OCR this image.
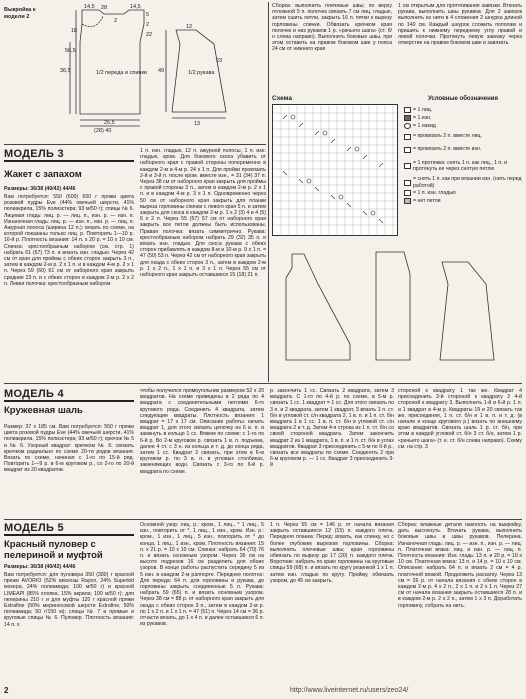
Выкройка к модели 2
28
14,5	14,5
5
2
2
22
36,5
56,5
18
1/2 переда и спинки
25,5
(28) 40
12
23
1/2 рукава
49
13
Сборка: выполнить плечевые швы; по верху отложной 5 п. полочек связать 7 см лиц. гладью, затем сшить петли, закрыть 16 п. пятки к вырезу горловины спинки. Обвязать крючком края полочек и низ рукавов 1 р. «рачьего шага» (ст. б/н слева направо). Выполнить боковые швы, при этом оставить на правом боковом шве у пояса 24 см от нижнего края
1 см открытым для протягивания завязки. Втачать рукава, выполнить швы рукавов. Для 2 завязок выполнить из нити в 4 сложения 2 шнурка длиной по 140 см. Каждый шнурок сложить пополам и пришить к нижнему переднему углу правой и левой полочки. Протянуть левую завязку через отверстие на правом боковом шве и завязать
Схема	Условные обозначения
= 1 лиц.
= 1 изн.
= 1 накид
= провязать 2 п. вместе лиц.
= провязать 2 п. вместе изн.
= 1 протяжка: снять 1 п. как лиц., 1 п. и протянуть ее через снятую петлю
= снять 1 п. как при вязании изн. (нить перед работой)
= 1 п. изн. гладью
= нет петли
МОДЕЛЬ 3
Жакет с запахом
Размеры: 36/38 (40/42) 44/46
Вам потребуется: 550 (600) 650 г пряжи цвета розовой пудры Eve (44% овечьей шерсти, 41% полиакрила, 15% полиэстера; 93 м/50 г); спицы № 6. Лицевая гладь: лиц. р. — лиц. п., изн. р. — изн. п. Изнаночная гладь: лиц. р. — изн. п., изн. р. — лиц. п. Ажурная полоса (ширина 12 п.): вязать по схеме, на которой показаны только лиц. р. Повторить 1—10 р. 16-й р. Плотность вязания: 14 п. х 20 р. = 10 х 10 см. Спинка: крестообразным набором (см. стр. 1) набрать 61 (67) 73 п. и вязать изн. гладью. Через 42 см от края для проймы с обеих сторон закрыть 3 п., затем в каждом 2-м р. 2 х 1 п. и в каждом 4-м р. 2 х 1 п. Через 59 (60) 61 см от наборного края закрыть средние 23 п. и с обеих сторон в каждом 2-м р. 2 х 2 п. Левая полочка: крестообразным набором
1 п. изн. гладью, 12 п. ажурной полосы, 1 п. изн. гладью, кром. Для бокового скоса убавить от наборного края с правой стороны попеременно в каждом 2-м и 4-м р. 24 х 1 п. Для пройки провязать 2-й и 3-й п. после кром. вместе изн., = 31 (34) 37 п. Через 38 см от наборного края закрыть для проймы с правой стороны 3 п., затем в каждом 2-м р. 2 х 1 п. и в каждом 4-м р. 3 х 1 п. Одновременно через 50 см от наборного края закрыть для планки выреза горловины спинки с левого края 5 п. и затем закрыть для скоса в каждом 2-м р. 1 х 2 (3) 4 и 4 (5) 6 х 2 п. Через 55 (57) 57 см от наборного края закрыть все петли должны быть использованы. Правая полочка: вязать симметрично. Рукава: крестообразным набором набрать 29 (32) 35 п. и вязать изн. гладью. Для скоса рукава с обеих сторон прибавлять в каждом 8-м и 10-м р. 9 х 1 п. = 47 (50) 53 п. Через 42 см от наборного края закрыть для окада с обеих сторон 3 п., затем в каждом 2-м р. 1 х 2 п., 1 х 1 п. и 3 х 1 п. Через 55 см от наборного края закрыть оставшиеся 15 (18) 21 п.
МОДЕЛЬ 4
Кружевная шаль
Размер: 37 х 185 см. Вам потребуется: 550 г пряжи цвета розовой пудры Eve (44% овечьей шерсти, 41% полиакрила, 15% полиэстера; 93 м/50 г); крючок № 5 и № 6. Узорный квадрат: крючком № 6: связать крючком радиально по схеме 20-ти рядов вязания. Вязать по схеме, начиная с 1-го по 15-й ряд. Повторить 1—9 р. в 6-м круговом р., со 2-го по 20-й квадрат из 20 квадратов.
чтобы получился прямоугольник размером 52 х 20 квадратов. На схеме приведены в 2 ряда по 4 квадрата с соединительными петлями 6-го кругового ряда. Соединить 4 квадрата, затем следующие квадраты. Плотность вязания: 1 квадрат = 17 х 17 см. Описание работы: начать квадрат 1, для этого связать цепочку из 6 в. п. и замкнуть в кольцо 1 сс. Вяжем по схеме: с 1-го по 6-й р. Во 2-м круговом р. связать 1 в. п. подъема, далее 4 ст. с 3 н. из кольца и т. д. до конца ряда, затем 1 сс. Квадрат 2 связать, при этом в 6-м круговом р. по 3 в. п. в угловых столбиках, заменяющих водн. Связать с 3-го по 6-й р. квадрата по схеме.
р. закончить 1 сс. Связать 2 квадрата, затем 3 квадрата. С 1-го по 4-й р. по схеме, в 5-м р. связать 1 сс. 1 квадрат = 1 сс. Для этого связать по 3 п. и 2 квадрата, затем 1 квадрат, 3 вязать 1 п. ст. б/н в угловой ст. с/н квадрата 2, 1 в. п. и 1 п. ст. б/н квадрата 1 в 1 сс. 1 в. п. ст. б/н в угловой ст. с/н квадрата 2 и т. д. Затем 4-я строка из 1 п. ст. б/н со своей стороной квадрата. Затем закончить квадрат 2 из 1 квадрата, 1 в. п. и 1 п. ст. б/н в углах квадратов. Квадрат 3 присоединить с 5-м по 6-й р., связать все квадраты по схеме. Соединять 2 при 6-м круговом р. — 1 сс. Квадрат 3 присоединить 3-й
стороной к квадрату 1 так же. Квадрат 4 присоединить 3-й стороной к квадрату 2 4-й стороной к квадрату 3. Выполнить 1-й и 6-й р. 1 п. и 1 квадрат в 4-м р. Квадраты 19 и 20 связать так же, присоединяя, 1 п. ст. б/н и 1 в. п. и т. д. (в начале и конце кругового р.) вязать по внешнему краю квадратов. Связать шаль 1 р. ст. б/н, при этом в каждой угловой ст. б/н 3 ст. б/н, затем 1 р. «рачьего шага» (т. е. ст. б/н слева направо). Схему см. на стр. 3
МОДЕЛЬ 5
Красный пуловер с пелериной и муфтой
Размеры: 36/38 (40/42) 44/46
Вам потребуется: для пуловера 350 (380) г красной пряжи AVORIO (52% вискозы Rayon, 24% Superkid мохера, 24% полиамида; 100 м/50 г) и красной LIMEAPI (85% хлопка, 15% акрила; 100 м/50 г); для пелерины 210 г и для муфты 120 г красной пряжи Extrafine (50% мериносовой шерсти Extrafine, 50% полиамида; 50 г/150 м); спицы № 7 и прямые и круговые спицы № 6. Пуловер. Плотность вязания: 14 п. х
Основной узор: лиц. р.: кром., 1 лиц., * 1 лиц., 5 изн., повторить от *, 1 лиц., 1 изн., кром. Изн. р.: кром., 1 изн., 1 лиц., 5 изн., повторить от * до конца, 1 лиц., 1 изн., кром. Плотность вязания: 15 п. х 21 р. = 10 х 10 см. Спинка: набрать 64 (70) 76 п. и вязать основным узором. Через 36 см на высоте подрезов 16 см разделить для обоих узоров. В конце работы распустить середину 5 из 5 изн. в каждом 2-м раппорте. Переднее полотно: Для переда: 64 п. для горловины и рукава, до горловины закрыть соединенные 5 п. Рукава: набрать 59 (65) п. и вязать основным узором. Через 38 см = 88 р. от наборного края закрыть для окада с обеих сторон 3 п., затем в каждом 2-м р. по 1 х 2 п. и 1 х 1 п. = 47 (51) п. Через 14 см = 36 р. отчасти вязать, до 1 х 4 п. и далее оставшиеся 6 п. из рукавов.
1 п. Через 55 см = 146 р. от начала вязания закрыть оставшиеся 12 (15) п. каждого плеча. Передняя планка: Перед: вязать, как спинку, но с более глубоким вырезом горловины. Сборка: выполнить плечевые швы; края горловины обвязать по вырезу до 17 (20) п. каждого плеча. Воротник: набрать по краю горловины на круговые спицы 59 (68) п. и вязать по кругу резинкой 1 х 1 п. затем изн. гладью по кругу. Пройму, обвязать узором, до 45 см закрыть.
Сборка: влажные детали наколоть на выкройку, дать высохнуть. Втачать рукава, выполнить боковые швы и швы рукавов. Пелерина. Изнаночная гладь: лиц. р. — изн. п., изн. р. — лиц. п. Платочная вязка: лиц. и изн. р. — лиц. п. Плотность вязания: Изн. гладь: 13 п. и 20 р. = 10 х 10 см. Платочная вязка: 13 п. и 14 р. = 10 х 10 см. Описание: набрать 64 п. и вязать 2 см = 4 р. платочной вязкой. Продолжить раскатку. Через 13 см = 26 р. от начала вязания с обеих сторон в каждом 2-м р. 4 х 2 п., 2 х 1 п. и 2 х 1 п. Через 27 см от начала вязания закрыть оставшиеся 28 п. и в каждом 2-м р. 2 х 2 п., затем 1 х 3 п. Доработать горловину, собрать на нить.
2	http://www.liveinternet.ru/users/zeo24/
